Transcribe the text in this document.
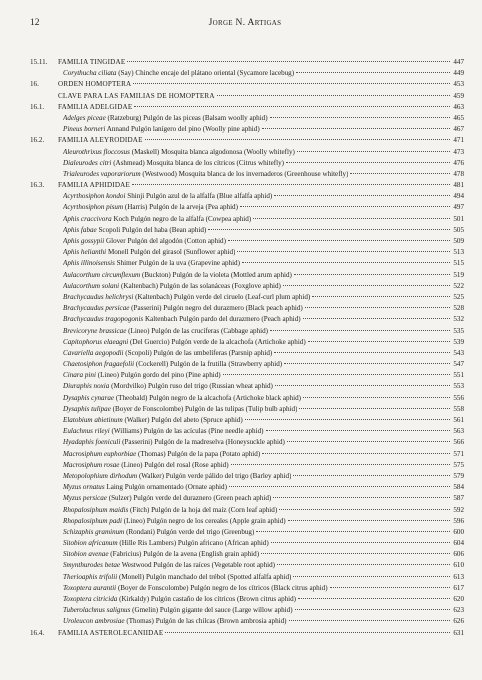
12	Jorge N. Artigas
15.11. FAMILIA TINGIDAE	447
Corythucha ciliata (Say) Chinche encaje del plátano oriental (Sycamore lacebug)	449
16.	ORDEN HOMOPTERA	453
CLAVE PARA LAS FAMILIAS DE HOMOPTERA	459
16.1. FAMILIA ADELGIDAE	463
Adelges piceae (Ratzeburg) Pulgón de las piceas (Balsam woolly aphid)	465
Pineus borneri Annand Pulgón lanígero del pino (Woolly pine aphid)	467
16.2. FAMILIA ALEYRODIDAE	471
Aleurothrixus floccosus (Maskell) Mosquita blanca algodonosa (Woolly whitefly)	473
Dialeurodes citri (Ashmead) Mosquita blanca de los cítricos (Citrus whitefly)	476
Trialeurodes vaporariorum (Westwood) Mosquita blanca de los invernaderos (Greenhouse whitefly)	478
16.3. FAMILIA APHIDIDAE	481
Acyrthosiphon kondoi Shinji Pulgón azul de la alfalfa (Blue alfalfa aphid)	494
Acyrthosiphon pisum (Harris) Pulgón de la arveja (Pea aphid)	497
Aphis craccivora Koch Pulgón negro de la alfalfa (Cowpea aphid)	501
Aphis fabae Scopoli Pulgón del haba (Bean aphid)	505
Aphis gossypii Glover Pulgón del algodón (Cotton aphid)	509
Aphis helianthi Monell Pulgón del girasol (Sunflower aphid)	513
Aphis illinoisensis Shimer Pulgón de la uva (Grapevine aphid)	515
Aulacorthum circumflexum (Buckton) Pulgón de la violeta (Mottled arum aphid)	519
Aulacorthum solani (Kaltenbach) Pulgón de las solanáceas (Foxglove aphid)	522
Brachycaudus helichrysi (Kaltenbach) Pulgón verde del ciruelo (Leaf-curl plum aphid)	525
Brachycaudus persicae (Passerini) Pulgón negro del durazmero (Black peach aphid)	528
Brachycaudus tragopogonis Kaltenbach Pulgón pardo del durazmero (Peach aphid)	532
Brevicoryne brassicae (Lineo) Pulgón de las crucíferas (Cabbage aphid)	535
Capitophorus elaeagni (Del Guercio) Pulgón verde de la alcachofa (Artichoke aphid)	539
Cavariella aegopodii (Scopoli) Pulgón de las umbelíferas (Parsnip aphid)	543
Chaetosiphon fragaefolii (Cockerell) Pulgón de la frutilla (Strawberry aphid)	547
Cinara pini (Lineo) Pulgón gordo del pino (Pine aphid)	551
Diuraphis noxia (Mordvilko) Pulgón ruso del trigo (Russian wheat aphid)	553
Dysaphis cynarae (Theobald) Pulgón negro de la alcachofa (Artichoke black aphid)	556
Dysaphis tulipae (Boyer de Fonscolombe) Pulgón de las tulipas (Tulip bulb aphid)	558
Elatobium abietinum (Walker) Pulgón del abeto (Spruce aphid)	561
Eulachnus rileyi (Williams) Pulgón de las acículas (Pine needle aphid)	563
Hyadaphis foeniculi (Passerini) Pulgón de la madreselva (Honeysuckle aphid)	566
Macrosiphum euphorbiae (Thomas) Pulgón de la papa (Potato aphid)	571
Macrosiphum rosae (Lineo) Pulgón del rosal (Rose aphid)	575
Metopolophium dirhodum (Walker) Pulgón verde pálido del trigo (Barley aphid)	579
Myzus ornatus Laing Pulgón ornamentado (Ornate aphid)	584
Myzus persicae (Sulzer) Pulgón verde del duraznero (Green peach aphid)	587
Rhopalosiphum maidis (Fitch) Pulgón de la hoja del maíz (Corn leaf aphid)	592
Rhopalosiphum padi (Lineo) Pulgón negro de los cereales (Apple grain aphid)	596
Schizaphis graminum (Rondani) Pulgón verde del trigo (Greenbug)	600
Sitobion africanum (Hille Ris Lambers) Pulgón africano (African aphid)	604
Sitobion avenae (Fabricius) Pulgón de la avena (English grain aphid)	606
Smynthurodes betae Westwood Pulgón de las raíces (Vegetable root aphid)	610
Therioaphis trifolii (Monell) Pulgón manchado del trébol (Spotted alfalfa aphid)	613
Toxoptera aurantii (Boyer de Fonscolombe) Pulgón negro de los cítricos (Black citrus aphid)	617
Toxoptera citricida (Kirkaldy) Pulgón castaño de los cítricos (Brown citrus aphid)	620
Tuberolachnus salignus (Gmelin) Pulgón gigante del sauce (Large willow aphid)	623
Uroleucon ambrosiae (Thomas) Pulgón de las chilcas (Brown ambrosia aphid)	626
16.4. FAMILIA ASTEROLECANIIDAE	631
